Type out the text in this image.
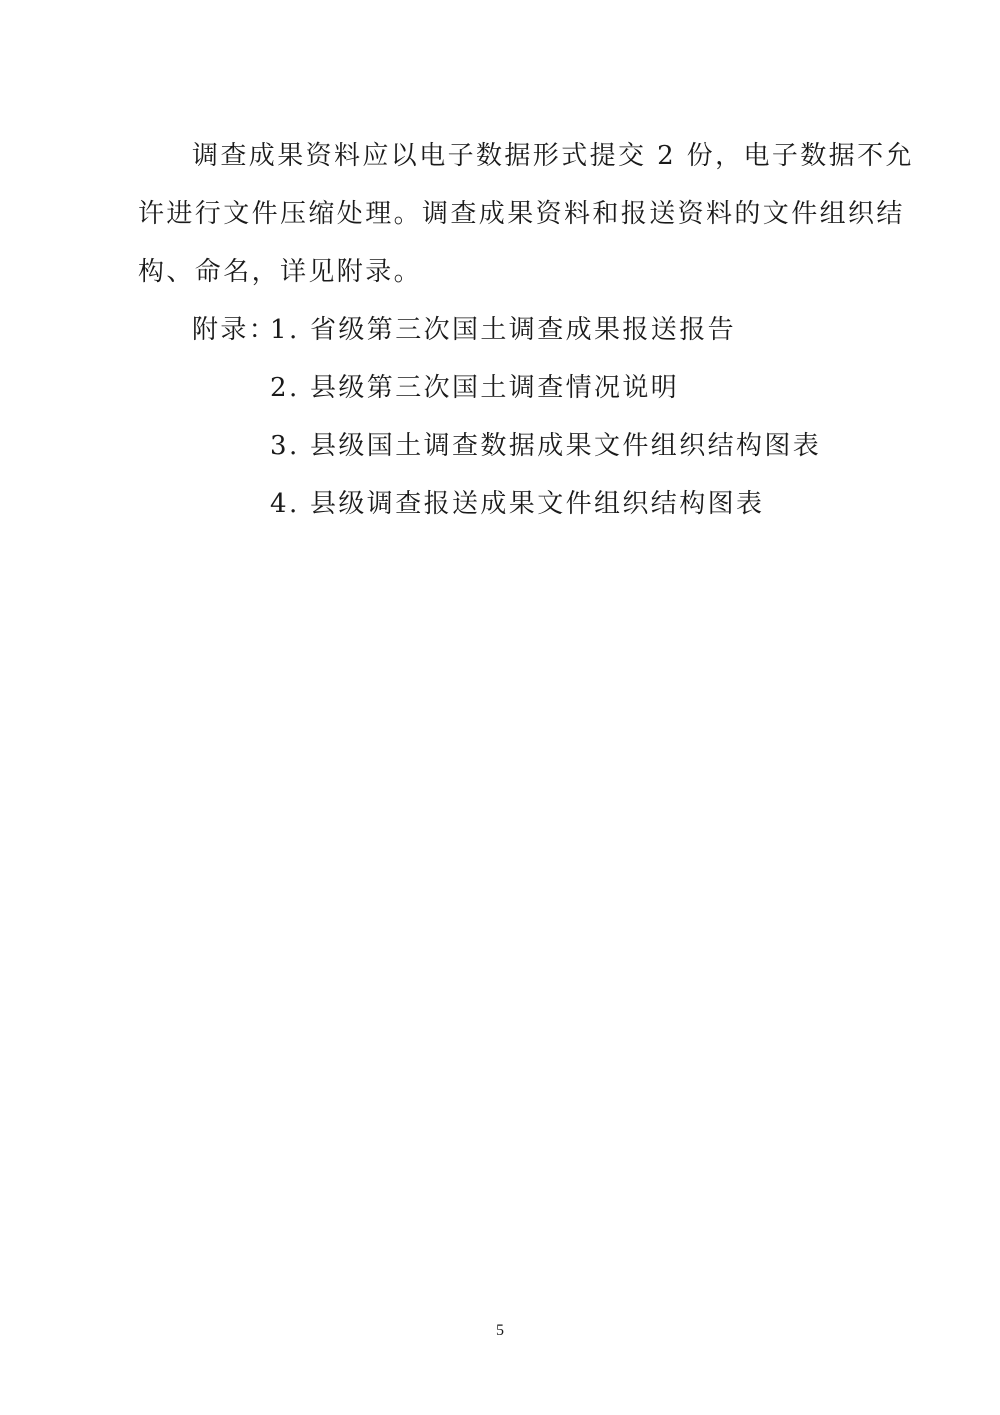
调查成果资料应以电子数据形式提交 2 份，电子数据不允
许进行文件压缩处理。调查成果资料和报送资料的文件组织结
构、命名，详见附录。
附录：
1. 省级第三次国土调查成果报送报告
2. 县级第三次国土调查情况说明
3. 县级国土调查数据成果文件组织结构图表
4. 县级调查报送成果文件组织结构图表
5
